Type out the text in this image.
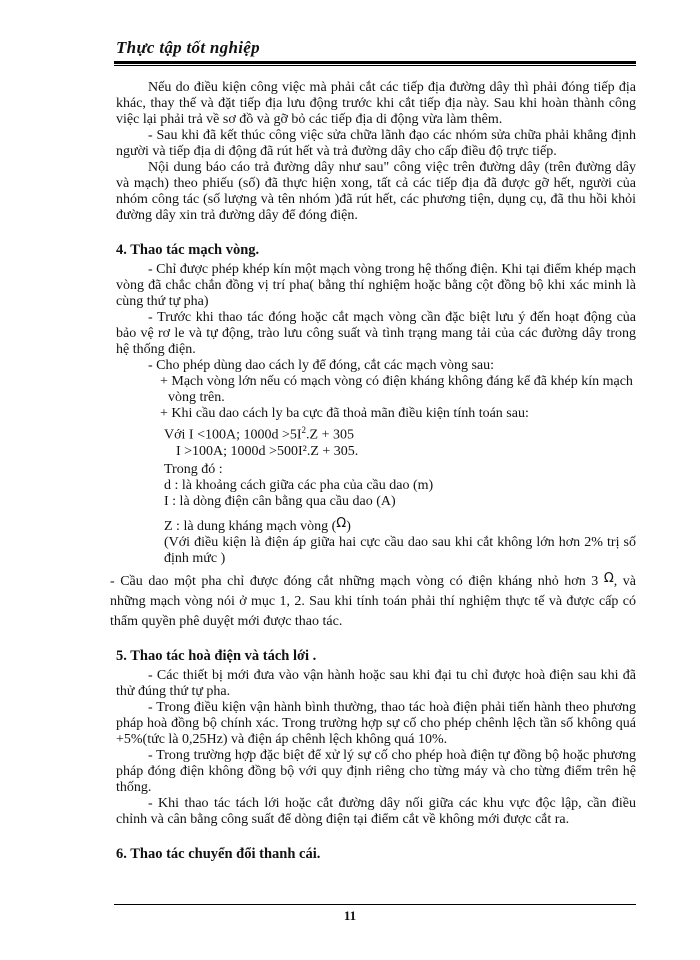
Thực tập tốt nghiệp

Nếu do điều kiện công việc mà phải cắt các tiếp địa đường dây thì phải đóng tiếp địa khác, thay thế và đặt tiếp địa lưu động trước khi cắt tiếp địa này. Sau khi hoàn thành công việc lại phải trả về sơ đồ và gỡ bỏ các tiếp địa di động vừa làm thêm.

- Sau khi đã kết thúc công việc sửa chữa lãnh đạo các nhóm sửa chữa phải khẳng định người và tiếp địa di động đã rút hết và trả đường dây cho cấp điều độ trực tiếp.

Nội dung báo cáo trả đường dây như sau" công việc trên đường dây (trên đường dây và mạch) theo phiếu (số) đã thực hiện xong, tất cả các tiếp địa đã được gỡ hết, người của nhóm công tác (số lượng và tên nhóm )đã rút hết, các phương tiện, dụng cụ, đã thu hồi khỏi đường dây xin trả đường dây để đóng điện.

4. Thao tác mạch vòng.

- Chỉ được phép khép kín một mạch vòng trong hệ thống điện. Khi tại điểm khép mạch vòng đã chắc chắn đồng vị trí pha( bằng thí nghiệm hoặc bằng cột đồng bộ khi xác minh là cùng thứ tự pha)

- Trước khi thao tác đóng hoặc cắt mạch vòng cần đặc biệt lưu ý đến hoạt động của bảo vệ rơ le và tự động, trào lưu công suất và tình trạng mang tải của các đường dây trong hệ thống điện.

- Cho phép dùng dao cách ly để đóng, cắt các mạch vòng sau:

+ Mạch vòng lớn nếu có mạch vòng có điện kháng không đáng kể đã khép kín mạch vòng trên.

+ Khi cầu dao cách ly ba cực đã thoả mãn điều kiện tính toán sau:

Với I <100A; $1000d >5I^2.Z + 305$

I >100A; 1000d >500I².Z + 305.

Trong đó :

d : là khoảng cách giữa các pha của cầu dao (m)

I : là dòng điện cân bằng qua cầu dao (A)

Z : là dung kháng mạch vòng (Ω)

(Với điều kiện là điện áp giữa hai cực cầu dao sau khi cắt không lớn hơn 2% trị số định mức )

- Cầu dao một pha chỉ được đóng cắt những mạch vòng có điện kháng nhỏ hơn 3 Ω, và những mạch vòng nói ở mục 1, 2. Sau khi tính toán phải thí nghiệm thực tế và được cấp có thẩm quyền phê duyệt mới được thao tác.

5. Thao tác hoà điện và tách lới .

- Các thiết bị mới đưa vào vận hành hoặc sau khi đại tu chỉ được hoà điện sau khi đã thử đúng thứ tự pha.

- Trong điều kiện vận hành bình thường, thao tác hoà điện phải tiến hành theo phương pháp hoà đồng bộ chính xác. Trong trường hợp sự cố cho phép chênh lệch tần số không quá +5%(tức là 0,25Hz) và điện áp chênh lệch không quá 10%.

- Trong trường hợp đặc biệt để xử lý sự cố cho phép hoà điện tự đồng bộ hoặc phương pháp đóng điện không đồng bộ với quy định riêng cho từng máy và cho từng điểm trên hệ thống.

- Khi thao tác tách lới hoặc cắt đường dây nối giữa các khu vực độc lập, cần điều chỉnh và cân bằng công suất để dòng điện tại điểm cắt về không mới được cắt ra.

6. Thao tác chuyển đổi thanh cái.

11
